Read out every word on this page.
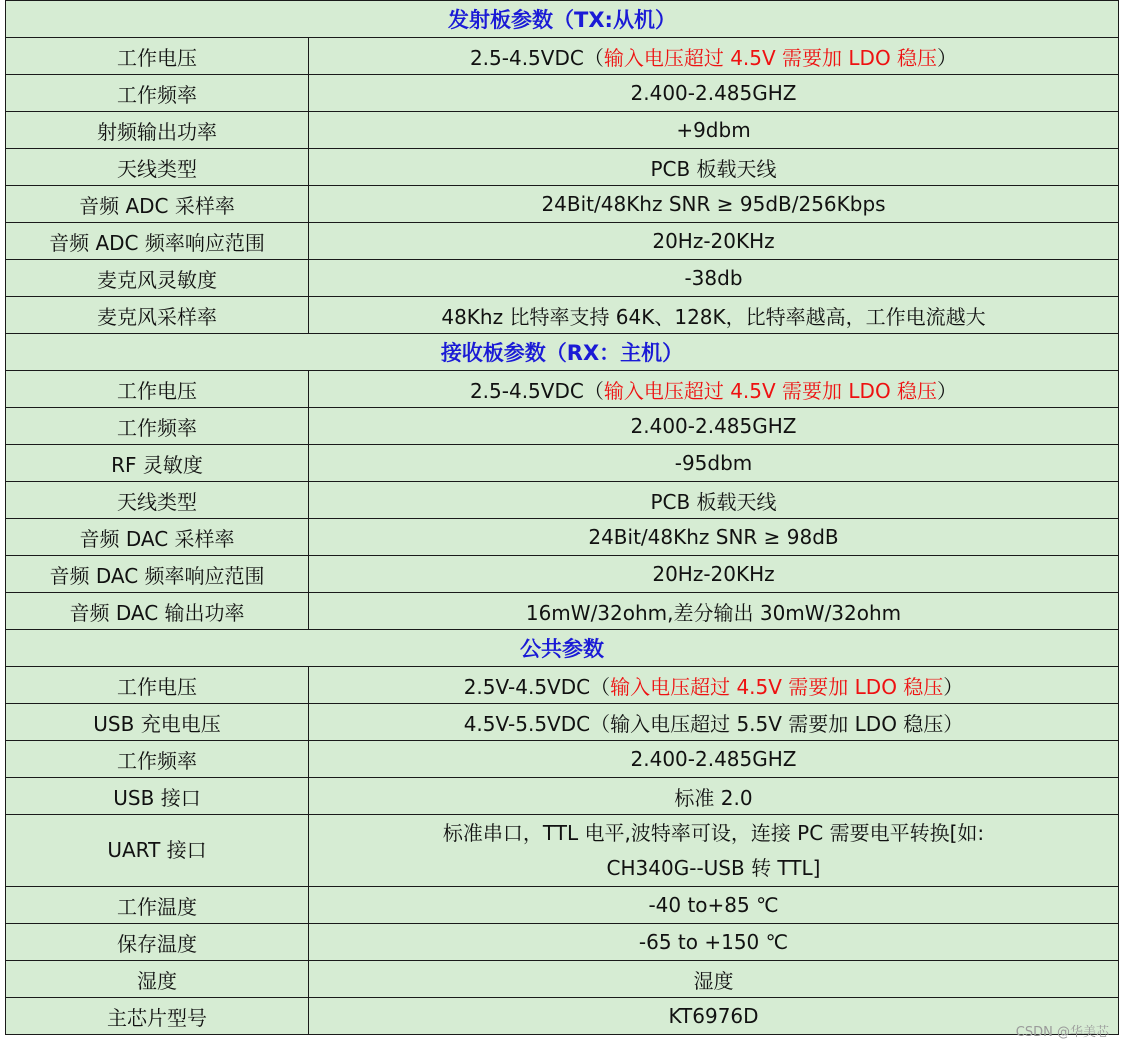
发射板参数（TX:从机）	
工作电压	2.5-4.5VDC（输入电压超过 4.5V 需要加 LDO 稳压）
工作频率	2.400-2.485GHZ
射频输出功率	+9dbm
天线类型	PCB 板载天线
音频 ADC 采样率	24Bit/48Khz SNR ≥ 95dB/256Kbps
音频 ADC 频率响应范围	20Hz-20KHz
麦克风灵敏度	-38db
麦克风采样率	48Khz 比特率支持 64K、128K，比特率越高，工作电流越大
接收板参数（RX：主机）	
工作电压	2.5-4.5VDC（输入电压超过 4.5V 需要加 LDO 稳压）
工作频率	2.400-2.485GHZ
RF 灵敏度	-95dbm
天线类型	PCB 板载天线
音频 DAC 采样率	24Bit/48Khz SNR ≥ 98dB
音频 DAC 频率响应范围	20Hz-20KHz
音频 DAC 输出功率	16mW/32ohm,差分输出 30mW/32ohm
公共参数	
工作电压	2.5V-4.5VDC（输入电压超过 4.5V 需要加 LDO 稳压）
USB 充电电压	4.5V-5.5VDC（输入电压超过 5.5V 需要加 LDO 稳压）
工作频率	2.400-2.485GHZ
USB 接口	标准 2.0
UART 接口	标准串口，TTL 电平,波特率可设，连接 PC 需要电平转换[如:
CH340G--USB 转 TTL]

工作温度	-40 to+85 ℃
保存温度	-65 to +150 ℃
湿度	湿度
主芯片型号	KT6976D
CSDN @华美芯
